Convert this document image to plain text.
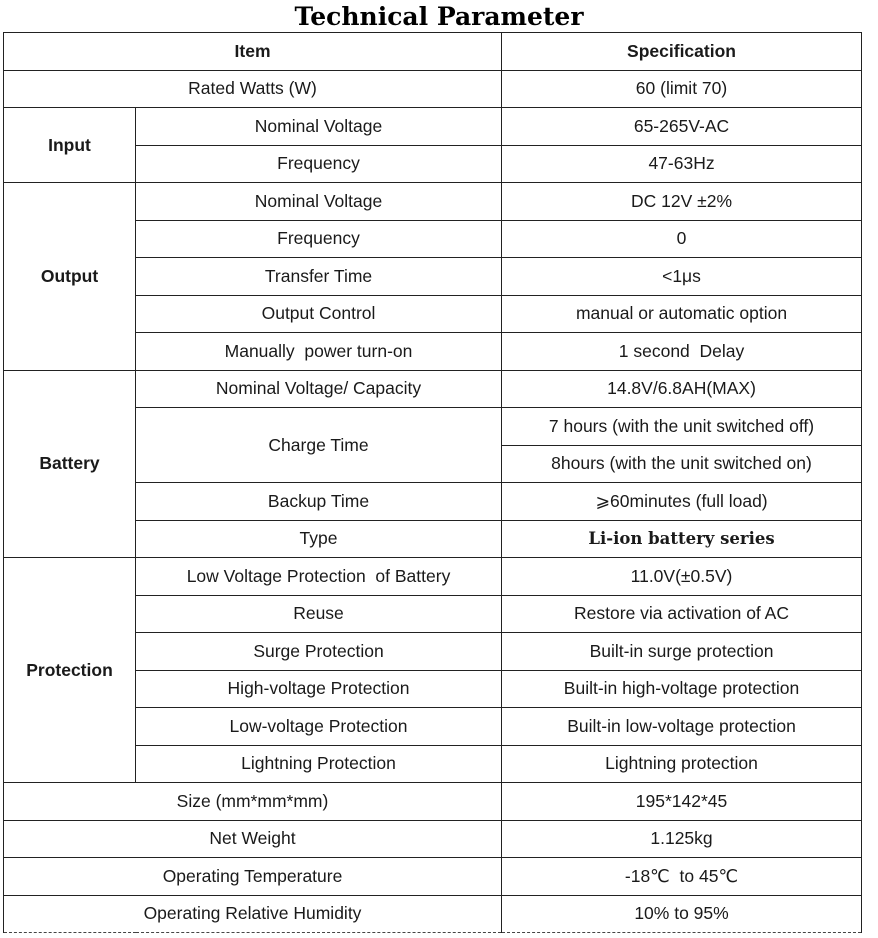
Technical Parameter
Item		Specification
Rated Watts (W)		60 (limit 70)
Input	Nominal Voltage	65-265V-AC
	Frequency	47-63Hz
Output	Nominal Voltage	DC 12V ±2%
	Frequency	0
	Transfer Time	<1μs
	Output Control	manual or automatic option
	Manually  power turn-on	1 second  Delay
Battery	Nominal Voltage/ Capacity	14.8V/6.8AH(MAX)
	Charge Time	7 hours (with the unit switched off)
		8hours (with the unit switched on)
	Backup Time	⩾60minutes (full load)
	Type	Li-ion battery series
Protection	Low Voltage Protection  of Battery	11.0V(±0.5V)
	Reuse	Restore via activation of AC
	Surge Protection	Built-in surge protection
	High-voltage Protection	Built-in high-voltage protection
	Low-voltage Protection	Built-in low-voltage protection
	Lightning Protection	Lightning protection
Size (mm*mm*mm)		195*142*45
Net Weight		1.125kg
Operating Temperature		-18℃  to 45℃
Operating Relative Humidity		10% to 95%
